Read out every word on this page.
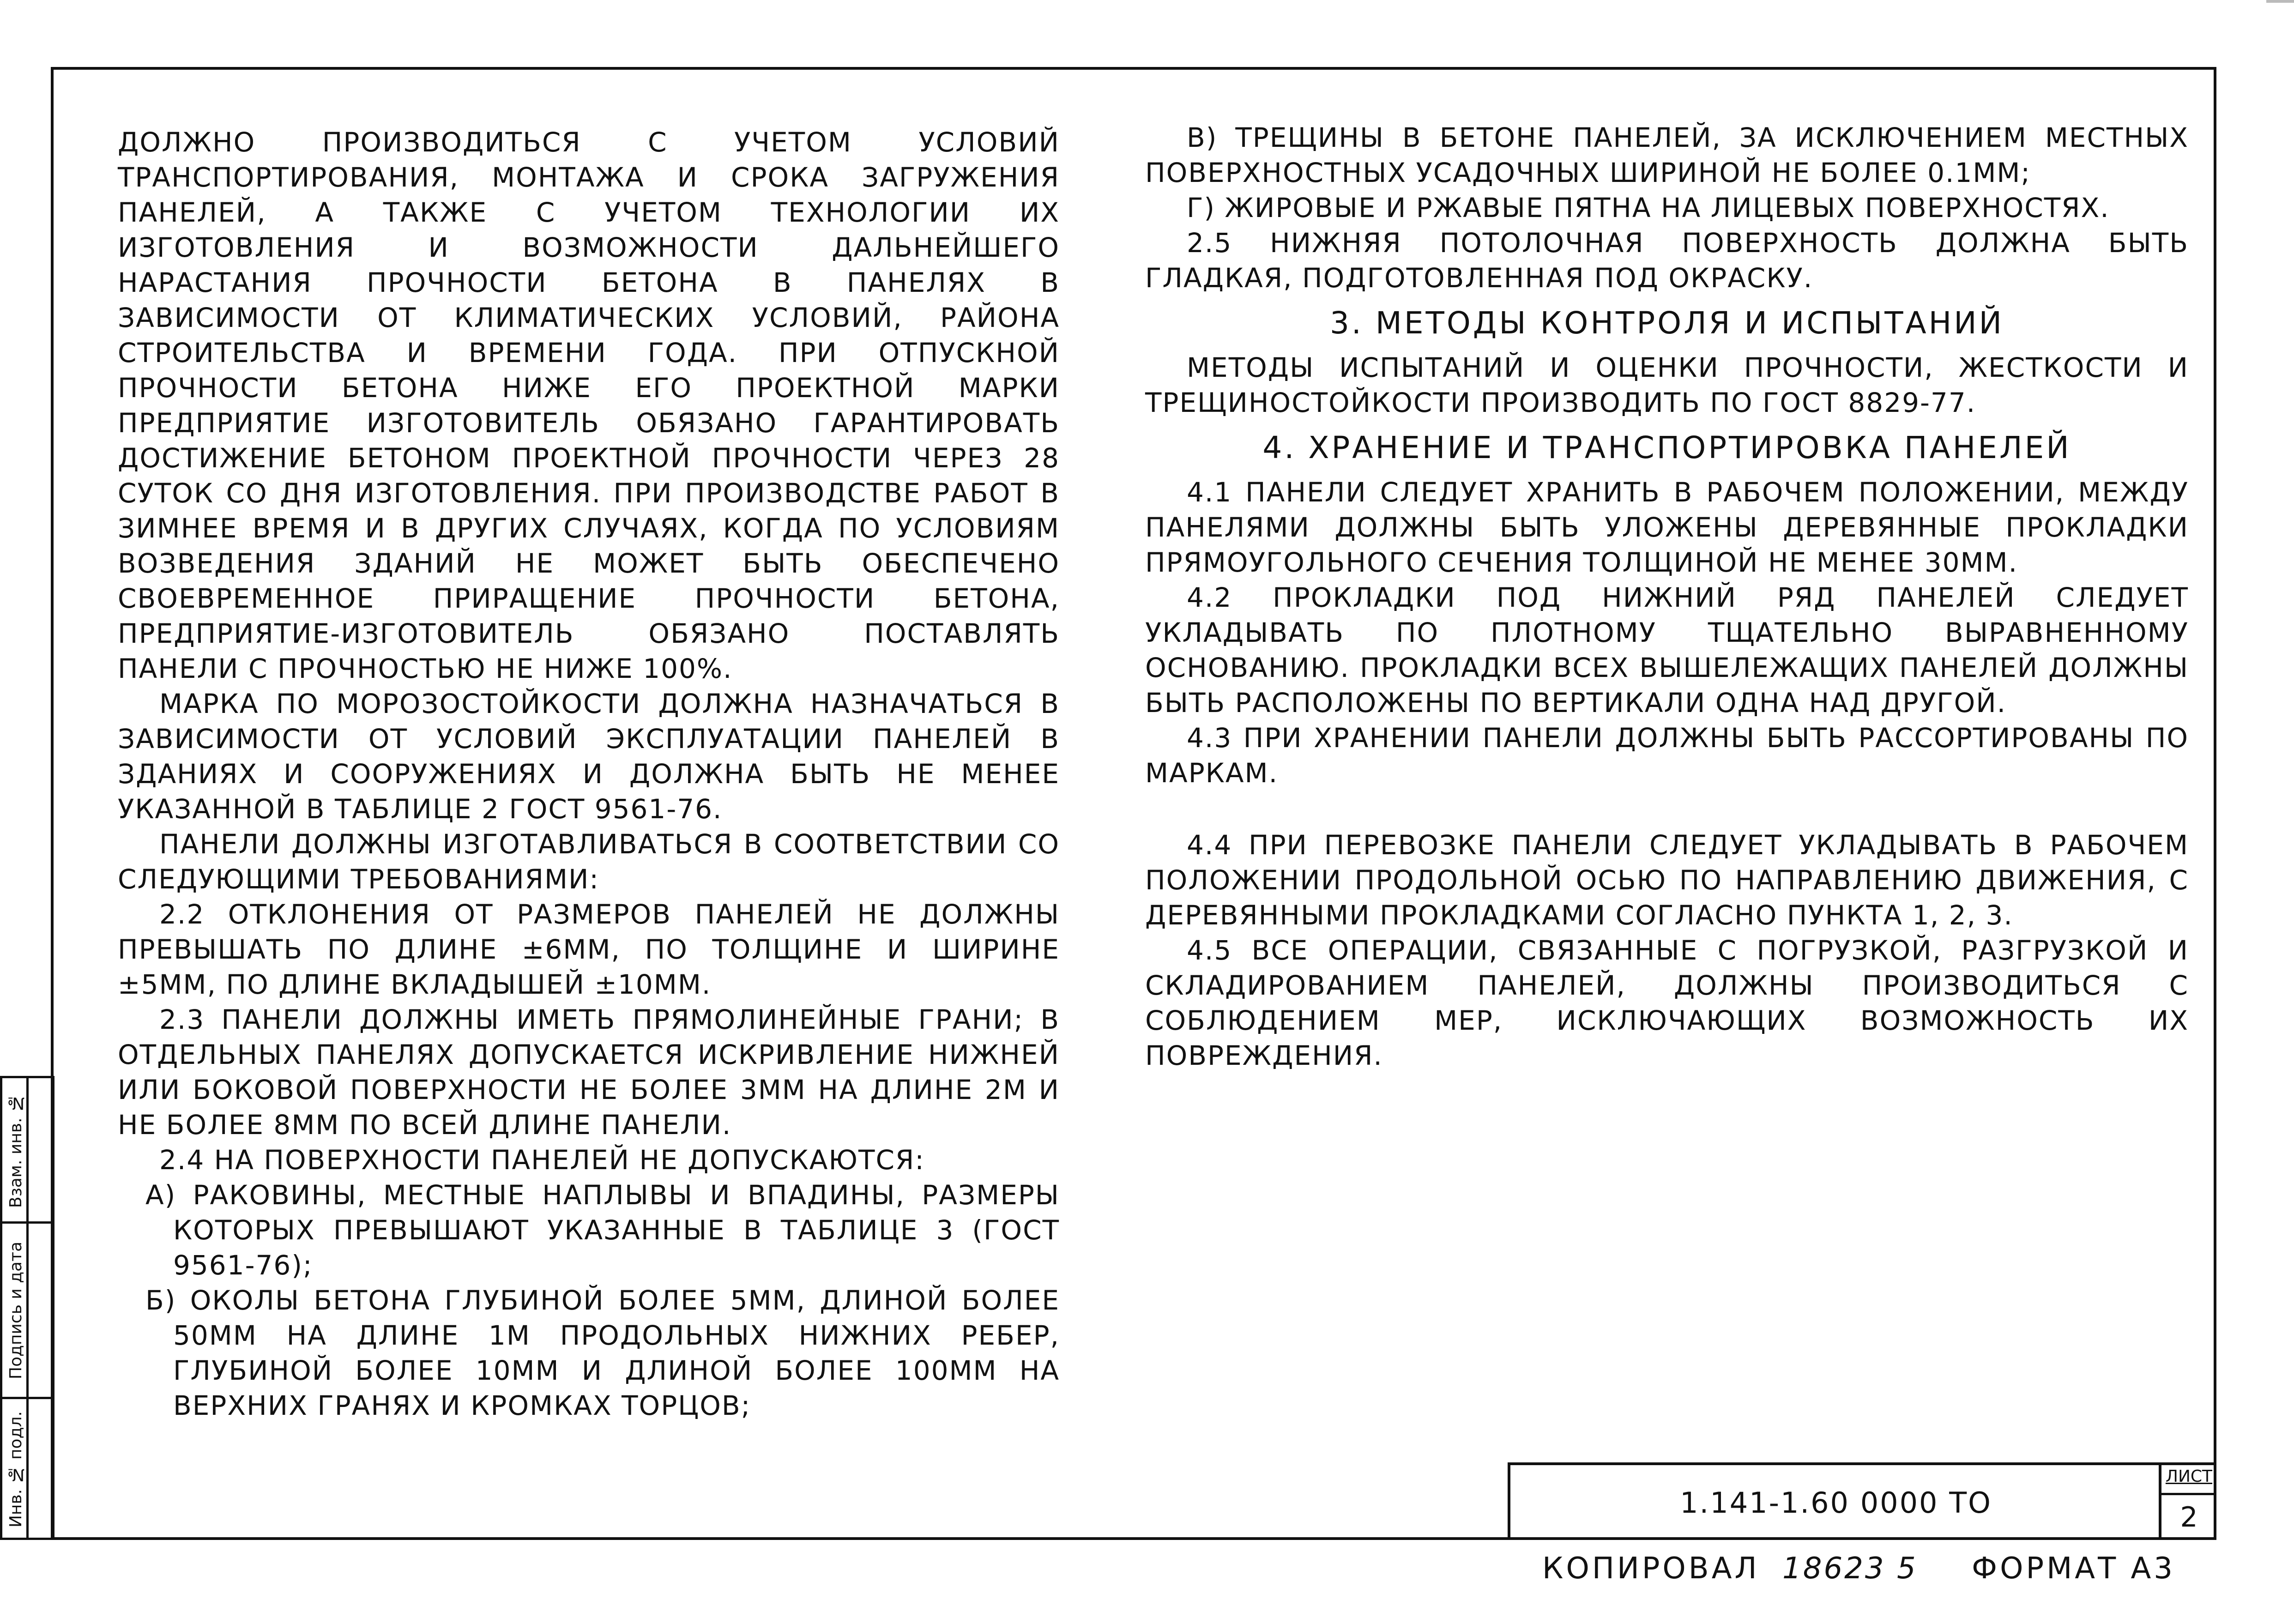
ДОЛЖНО ПРОИЗВОДИТЬСЯ С УЧЕТОМ УСЛОВИЙ ТРАНСПОРТИРОВАНИЯ, МОНТАЖА И СРОКА ЗАГРУЖЕНИЯ ПАНЕЛЕЙ, А ТАКЖЕ С УЧЕТОМ ТЕХНОЛОГИИ ИХ ИЗГОТОВЛЕНИЯ И ВОЗМОЖНОСТИ ДАЛЬНЕЙШЕГО НАРАСТАНИЯ ПРОЧНОСТИ БЕТОНА В ПАНЕЛЯХ В ЗАВИСИМОСТИ ОТ КЛИМАТИЧЕСКИХ УСЛОВИЙ, РАЙОНА СТРОИТЕЛЬСТВА И ВРЕМЕНИ ГОДА. ПРИ ОТПУСКНОЙ ПРОЧНОСТИ БЕТОНА НИЖЕ ЕГО ПРОЕКТНОЙ МАРКИ ПРЕДПРИЯТИЕ ИЗГОТОВИТЕЛЬ ОБЯЗАНО ГАРАНТИРОВАТЬ ДОСТИЖЕНИЕ БЕТОНОМ ПРОЕКТНОЙ ПРОЧНОСТИ ЧЕРЕЗ 28 СУТОК СО ДНЯ ИЗГОТОВЛЕНИЯ. ПРИ ПРОИЗВОДСТВЕ РАБОТ В ЗИМНЕЕ ВРЕМЯ И В ДРУГИХ СЛУЧАЯХ, КОГДА ПО УСЛОВИЯМ ВОЗВЕДЕНИЯ ЗДАНИЙ НЕ МОЖЕТ БЫТЬ ОБЕСПЕЧЕНО СВОЕВРЕМЕННОЕ ПРИРАЩЕНИЕ ПРОЧНОСТИ БЕТОНА, ПРЕДПРИЯТИЕ-ИЗГОТОВИТЕЛЬ ОБЯЗАНО ПОСТАВЛЯТЬ ПАНЕЛИ С ПРОЧНОСТЬЮ НЕ НИЖЕ 100%.

МАРКА ПО МОРОЗОСТОЙКОСТИ ДОЛЖНА НАЗНАЧАТЬСЯ В ЗАВИСИМОСТИ ОТ УСЛОВИЙ ЭКСПЛУАТАЦИИ ПАНЕЛЕЙ В ЗДАНИЯХ И СООРУЖЕНИЯХ И ДОЛЖНА БЫТЬ НЕ МЕНЕЕ УКАЗАННОЙ В ТАБЛИЦЕ 2 ГОСТ 9561-76.

ПАНЕЛИ ДОЛЖНЫ ИЗГОТАВЛИВАТЬСЯ В СООТВЕТСТВИИ СО СЛЕДУЮЩИМИ ТРЕБОВАНИЯМИ:

2.2 ОТКЛОНЕНИЯ ОТ РАЗМЕРОВ ПАНЕЛЕЙ НЕ ДОЛЖНЫ ПРЕВЫШАТЬ ПО ДЛИНЕ ±6ММ, ПО ТОЛЩИНЕ И ШИРИНЕ ±5ММ, ПО ДЛИНЕ ВКЛАДЫШЕЙ ±10ММ.

2.3 ПАНЕЛИ ДОЛЖНЫ ИМЕТЬ ПРЯМОЛИНЕЙНЫЕ ГРАНИ; В ОТДЕЛЬНЫХ ПАНЕЛЯХ ДОПУСКАЕТСЯ ИСКРИВЛЕНИЕ НИЖНЕЙ ИЛИ БОКОВОЙ ПОВЕРХНОСТИ НЕ БОЛЕЕ 3ММ НА ДЛИНЕ 2М И НЕ БОЛЕЕ 8ММ ПО ВСЕЙ ДЛИНЕ ПАНЕЛИ.

2.4 НА ПОВЕРХНОСТИ ПАНЕЛЕЙ НЕ ДОПУСКАЮТСЯ:

А) РАКОВИНЫ, МЕСТНЫЕ НАПЛЫВЫ И ВПАДИНЫ, РАЗМЕРЫ КОТОРЫХ ПРЕВЫШАЮТ УКАЗАННЫЕ В ТАБЛИЦЕ 3 (ГОСТ 9561-76);

Б) ОКОЛЫ БЕТОНА ГЛУБИНОЙ БОЛЕЕ 5ММ, ДЛИНОЙ БОЛЕЕ 50ММ НА ДЛИНЕ 1М ПРОДОЛЬНЫХ НИЖНИХ РЕБЕР, ГЛУБИНОЙ БОЛЕЕ 10ММ И ДЛИНОЙ БОЛЕЕ 100ММ НА ВЕРХНИХ ГРАНЯХ И КРОМКАХ ТОРЦОВ;

В) ТРЕЩИНЫ В БЕТОНЕ ПАНЕЛЕЙ, ЗА ИСКЛЮЧЕНИЕМ МЕСТНЫХ ПОВЕРХНОСТНЫХ УСАДОЧНЫХ ШИРИНОЙ НЕ БОЛЕЕ 0.1ММ;

Г) ЖИРОВЫЕ И РЖАВЫЕ ПЯТНА НА ЛИЦЕВЫХ ПОВЕРХНОСТЯХ.

2.5 НИЖНЯЯ ПОТОЛОЧНАЯ ПОВЕРХНОСТЬ ДОЛЖНА БЫТЬ ГЛАДКАЯ, ПОДГОТОВЛЕННАЯ ПОД ОКРАСКУ.

3. МЕТОДЫ КОНТРОЛЯ И ИСПЫТАНИЙ

МЕТОДЫ ИСПЫТАНИЙ И ОЦЕНКИ ПРОЧНОСТИ, ЖЕСТКОСТИ И ТРЕЩИНОСТОЙКОСТИ ПРОИЗВОДИТЬ ПО ГОСТ 8829-77.

4. ХРАНЕНИЕ И ТРАНСПОРТИРОВКА ПАНЕЛЕЙ

4.1 ПАНЕЛИ СЛЕДУЕТ ХРАНИТЬ В РАБОЧЕМ ПОЛОЖЕНИИ, МЕЖДУ ПАНЕЛЯМИ ДОЛЖНЫ БЫТЬ УЛОЖЕНЫ ДЕРЕВЯННЫЕ ПРОКЛАДКИ ПРЯМОУГОЛЬНОГО СЕЧЕНИЯ ТОЛЩИНОЙ НЕ МЕНЕЕ 30ММ.

4.2 ПРОКЛАДКИ ПОД НИЖНИЙ РЯД ПАНЕЛЕЙ СЛЕДУЕТ УКЛАДЫВАТЬ ПО ПЛОТНОМУ ТЩАТЕЛЬНО ВЫРАВНЕННОМУ ОСНОВАНИЮ. ПРОКЛАДКИ ВСЕХ ВЫШЕЛЕЖАЩИХ ПАНЕЛЕЙ ДОЛЖНЫ БЫТЬ РАСПОЛОЖЕНЫ ПО ВЕРТИКАЛИ ОДНА НАД ДРУГОЙ.

4.3 ПРИ ХРАНЕНИИ ПАНЕЛИ ДОЛЖНЫ БЫТЬ РАССОРТИРОВАНЫ ПО МАРКАМ.

4.4 ПРИ ПЕРЕВОЗКЕ ПАНЕЛИ СЛЕДУЕТ УКЛАДЫВАТЬ В РАБОЧЕМ ПОЛОЖЕНИИ ПРОДОЛЬНОЙ ОСЬЮ ПО НАПРАВЛЕНИЮ ДВИЖЕНИЯ, С ДЕРЕВЯННЫМИ ПРОКЛАДКАМИ СОГЛАСНО ПУНКТА 1, 2, 3.

4.5 ВСЕ ОПЕРАЦИИ, СВЯЗАННЫЕ С ПОГРУЗКОЙ, РАЗГРУЗКОЙ И СКЛАДИРОВАНИЕМ ПАНЕЛЕЙ, ДОЛЖНЫ ПРОИЗВОДИТЬСЯ С СОБЛЮДЕНИЕМ МЕР, ИСКЛЮЧАЮЩИХ ВОЗМОЖНОСТЬ ИХ ПОВРЕЖДЕНИЯ.

Инв. № подл.
Подпись и дата
Взам. инв. №
1.141-1.60 0000 ТО
ЛИСТ
2
КОПИРОВАЛ 18623 5 ФОРМАТ А3
